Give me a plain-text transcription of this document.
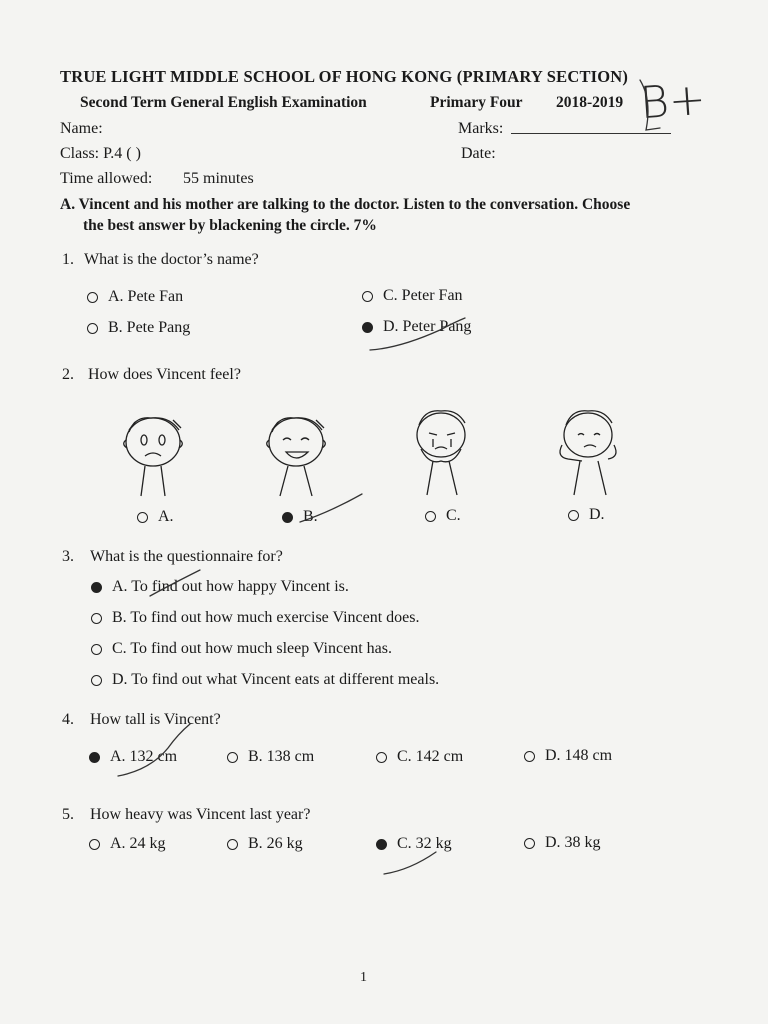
TRUE LIGHT MIDDLE SCHOOL OF HONG KONG (PRIMARY SECTION)
Second Term General English Examination	Primary Four 2018-2019 B+
Name:	Marks:
Class: P.4 ( )	Date:
Time allowed: 55 minutes
A. Vincent and his mother are talking to the doctor. Listen to the conversation. Choose
the best answer by blackening the circle. 7%
1. What is the doctor’s name?
A. Pete Fan
B. Pete Pang
C. Peter Fan
D. Peter Pang
2. How does Vincent feel?
A.	B.	C.	D.
3. What is the questionnaire for?
A. To find out how happy Vincent is.
B. To find out how much exercise Vincent does.
C. To find out how much sleep Vincent has.
D. To find out what Vincent eats at different meals.
4. How tall is Vincent?
A. 132 cm	B. 138 cm	C. 142 cm	D. 148 cm
5. How heavy was Vincent last year?
A. 24 kg	B. 26 kg	C. 32 kg	D. 38 kg
1
